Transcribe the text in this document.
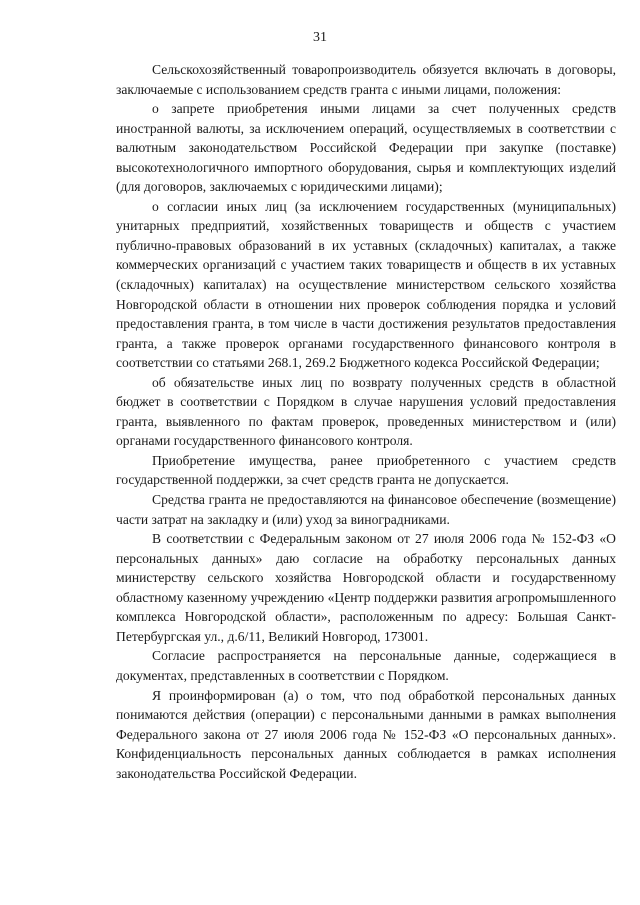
31

Сельскохозяйственный товаропроизводитель обязуется включать в договоры, заключаемые с использованием средств гранта с иными лицами, положения:

о запрете приобретения иными лицами за счет полученных средств иностранной валюты, за исключением операций, осуществляемых в соответствии с валютным законодательством Российской Федерации при закупке (поставке) высокотехнологичного импортного оборудования, сырья и комплектующих изделий (для договоров, заключаемых с юридическими лицами);

о согласии иных лиц (за исключением государственных (муниципальных) унитарных предприятий, хозяйственных товариществ и обществ с участием публично-правовых образований в их уставных (складочных) капиталах, а также коммерческих организаций с участием таких товариществ и обществ в их уставных (складочных) капиталах) на осуществление министерством сельского хозяйства Новгородской области в отношении них проверок соблюдения порядка и условий предоставления гранта, в том числе в части достижения результатов предоставления гранта, а также проверок органами государственного финансового контроля в соответствии со статьями 268.1, 269.2 Бюджетного кодекса Российской Федерации;

об обязательстве иных лиц по возврату полученных средств в областной бюджет в соответствии с Порядком в случае нарушения условий предоставления гранта, выявленного по фактам проверок, проведенных министерством и (или) органами государственного финансового контроля.

Приобретение имущества, ранее приобретенного с участием средств государственной поддержки, за счет средств гранта не допускается.

Средства гранта не предоставляются на финансовое обеспечение (возмещение) части затрат на закладку и (или) уход за виноградниками.

В соответствии с Федеральным законом от 27 июля 2006 года № 152-ФЗ «О персональных данных» даю согласие на обработку персональных данных министерству сельского хозяйства Новгородской области и государственному областному казенному учреждению «Центр поддержки развития агропромышленного комплекса Новгородской области», расположенным по адресу: Большая Санкт-Петербургская ул., д.6/11, Великий Новгород, 173001.

Согласие распространяется на персональные данные, содержащиеся в документах, представленных в соответствии с Порядком.

Я проинформирован (а) о том, что под обработкой персональных данных понимаются действия (операции) с персональными данными в рамках выполнения Федерального закона от 27 июля 2006 года № 152-ФЗ «О персональных данных». Конфиденциальность персональных данных соблюдается в рамках исполнения законодательства Российской Федерации.
